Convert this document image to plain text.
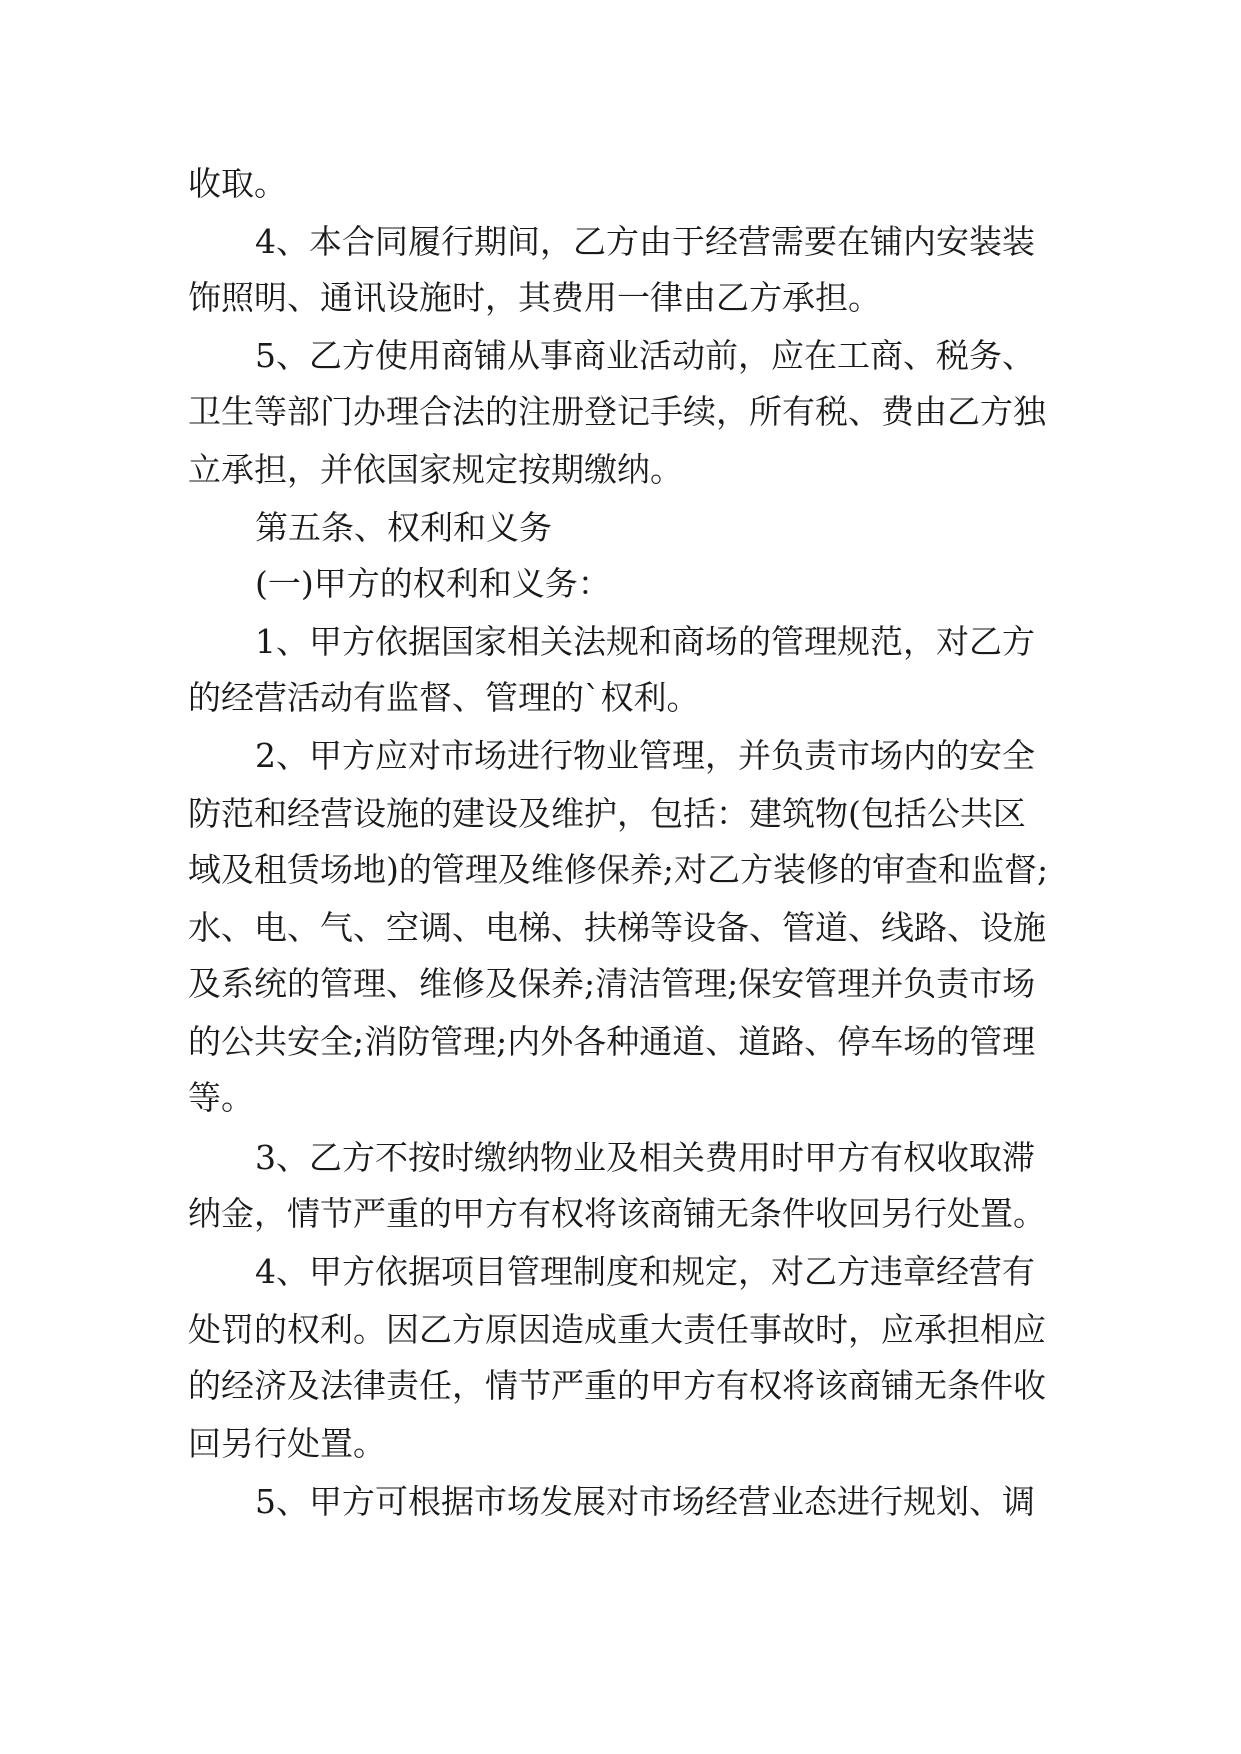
收取。
4、本合同履行期间，乙方由于经营需要在铺内安装装
饰照明、通讯设施时，其费用一律由乙方承担。
5、乙方使用商铺从事商业活动前，应在工商、税务、
卫生等部门办理合法的注册登记手续，所有税、费由乙方独
立承担，并依国家规定按期缴纳。
第五条、权利和义务
(一)甲方的权利和义务：
1、甲方依据国家相关法规和商场的管理规范，对乙方
的经营活动有监督、管理的`权利。
2、甲方应对市场进行物业管理，并负责市场内的安全
防范和经营设施的建设及维护，包括：建筑物(包括公共区
域及租赁场地)的管理及维修保养;对乙方装修的审查和监督;
水、电、气、空调、电梯、扶梯等设备、管道、线路、设施
及系统的管理、维修及保养;清洁管理;保安管理并负责市场
的公共安全;消防管理;内外各种通道、道路、停车场的管理
等。
3、乙方不按时缴纳物业及相关费用时甲方有权收取滞
纳金，情节严重的甲方有权将该商铺无条件收回另行处置。
4、甲方依据项目管理制度和规定，对乙方违章经营有
处罚的权利。因乙方原因造成重大责任事故时，应承担相应
的经济及法律责任，情节严重的甲方有权将该商铺无条件收
回另行处置。
5、甲方可根据市场发展对市场经营业态进行规划、调
